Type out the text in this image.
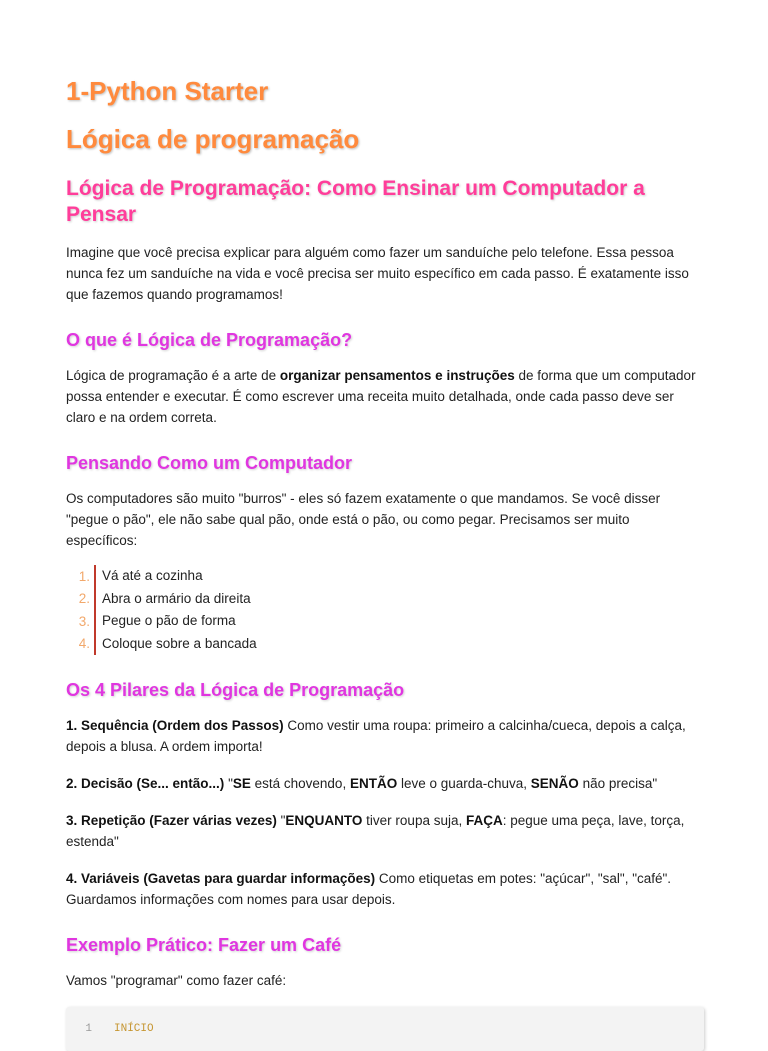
1-Python Starter
Lógica de programação
Lógica de Programação: Como Ensinar um Computador a Pensar

Imagine que você precisa explicar para alguém como fazer um sanduíche pelo telefone. Essa pessoa nunca fez um sanduíche na vida e você precisa ser muito específico em cada passo. É exatamente isso que fazemos quando programamos!

O que é Lógica de Programação?

Lógica de programação é a arte de organizar pensamentos e instruções de forma que um computador possa entender e executar. É como escrever uma receita muito detalhada, onde cada passo deve ser claro e na ordem correta.

Pensando Como um Computador

Os computadores são muito "burros" - eles só fazem exatamente o que mandamos. Se você disser "pegue o pão", ele não sabe qual pão, onde está o pão, ou como pegar. Precisamos ser muito específicos:

1. Vá até a cozinha
2. Abra o armário da direita
3. Pegue o pão de forma
4. Coloque sobre a bancada
Os 4 Pilares da Lógica de Programação

1. Sequência (Ordem dos Passos) Como vestir uma roupa: primeiro a calcinha/cueca, depois a calça, depois a blusa. A ordem importa!

2. Decisão (Se... então...) "SE está chovendo, ENTÃO leve o guarda-chuva, SENÃO não precisa"

3. Repetição (Fazer várias vezes) "ENQUANTO tiver roupa suja, FAÇA: pegue uma peça, lave, torça, estenda"

4. Variáveis (Gavetas para guardar informações) Como etiquetas em potes: "açúcar", "sal", "café". Guardamos informações com nomes para usar depois.

Exemplo Prático: Fazer um Café

Vamos "programar" como fazer café:

1 INÍCIO
